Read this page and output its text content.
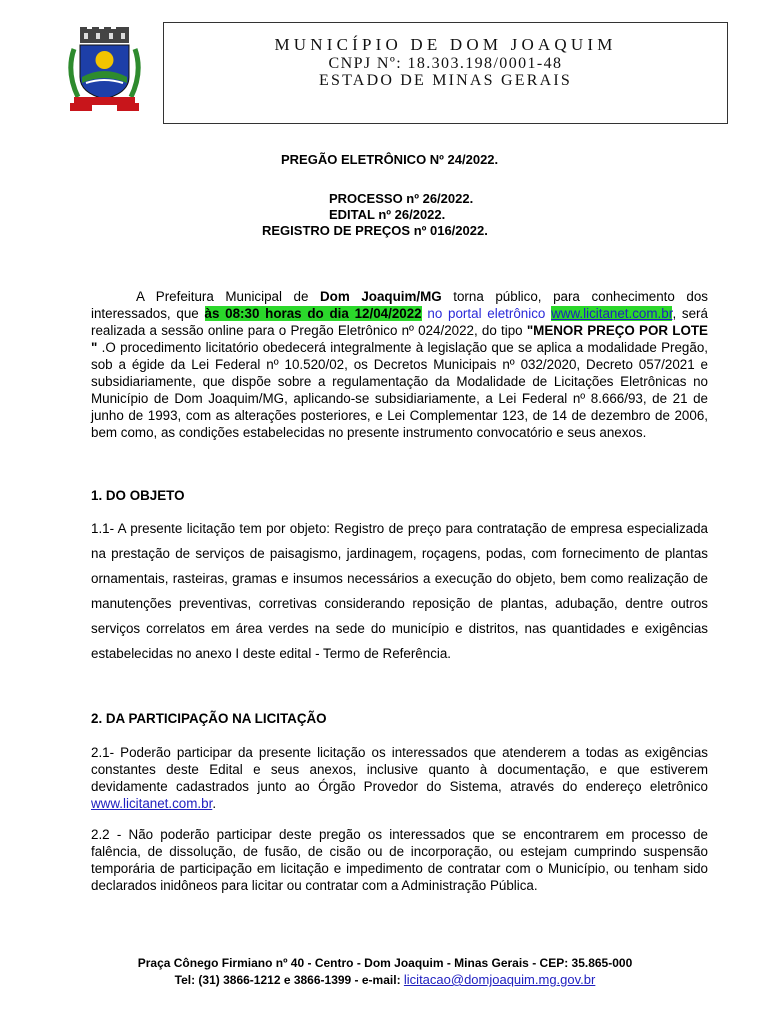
MUNICÍPIO DE DOM JOAQUIM
CNPJ Nº: 18.303.198/0001-48
ESTADO DE MINAS GERAIS
PREGÃO ELETRÔNICO Nº 24/2022.
PROCESSO nº 26/2022.
EDITAL nº 26/2022.
REGISTRO DE PREÇOS nº 016/2022.
A Prefeitura Municipal de Dom Joaquim/MG torna público, para conhecimento dos interessados, que às 08:30 horas do dia 12/04/2022 no portal eletrônico www.licitanet.com.br, será realizada a sessão online para o Pregão Eletrônico nº 024/2022, do tipo "MENOR PREÇO POR LOTE " .O procedimento licitatório obedecerá integralmente à legislação que se aplica a modalidade Pregão, sob a égide da Lei Federal nº 10.520/02, os Decretos Municipais nº 032/2020, Decreto 057/2021 e subsidiariamente, que dispõe sobre a regulamentação da Modalidade de Licitações Eletrônicas no Município de Dom Joaquim/MG, aplicando-se subsidiariamente, a Lei Federal nº 8.666/93, de 21 de junho de 1993, com as alterações posteriores, e Lei Complementar 123, de 14 de dezembro de 2006, bem como, as condições estabelecidas no presente instrumento convocatório e seus anexos.
1. DO OBJETO
1.1- A presente licitação tem por objeto: Registro de preço para contratação de empresa especializada na prestação de serviços de paisagismo, jardinagem, roçagens, podas, com fornecimento de plantas ornamentais, rasteiras, gramas e insumos necessários a execução do objeto, bem como realização de manutenções preventivas, corretivas considerando reposição de plantas, adubação, dentre outros serviços correlatos em área verdes na sede do município e distritos, nas quantidades e exigências estabelecidas no anexo I deste edital - Termo de Referência.
2. DA PARTICIPAÇÃO NA LICITAÇÃO
2.1- Poderão participar da presente licitação os interessados que atenderem a todas as exigências constantes deste Edital e seus anexos, inclusive quanto à documentação, e que estiverem devidamente cadastrados junto ao Órgão Provedor do Sistema, através do endereço eletrônico www.licitanet.com.br.
2.2 - Não poderão participar deste pregão os interessados que se encontrarem em processo de falência, de dissolução, de fusão, de cisão ou de incorporação, ou estejam cumprindo suspensão temporária de participação em licitação e impedimento de contratar com o Município, ou tenham sido declarados inidôneos para licitar ou contratar com a Administração Pública.
Praça Cônego Firmiano nº 40 - Centro - Dom Joaquim - Minas Gerais - CEP: 35.865-000
Tel: (31) 3866-1212 e 3866-1399 - e-mail: licitacao@domjoaquim.mg.gov.br
